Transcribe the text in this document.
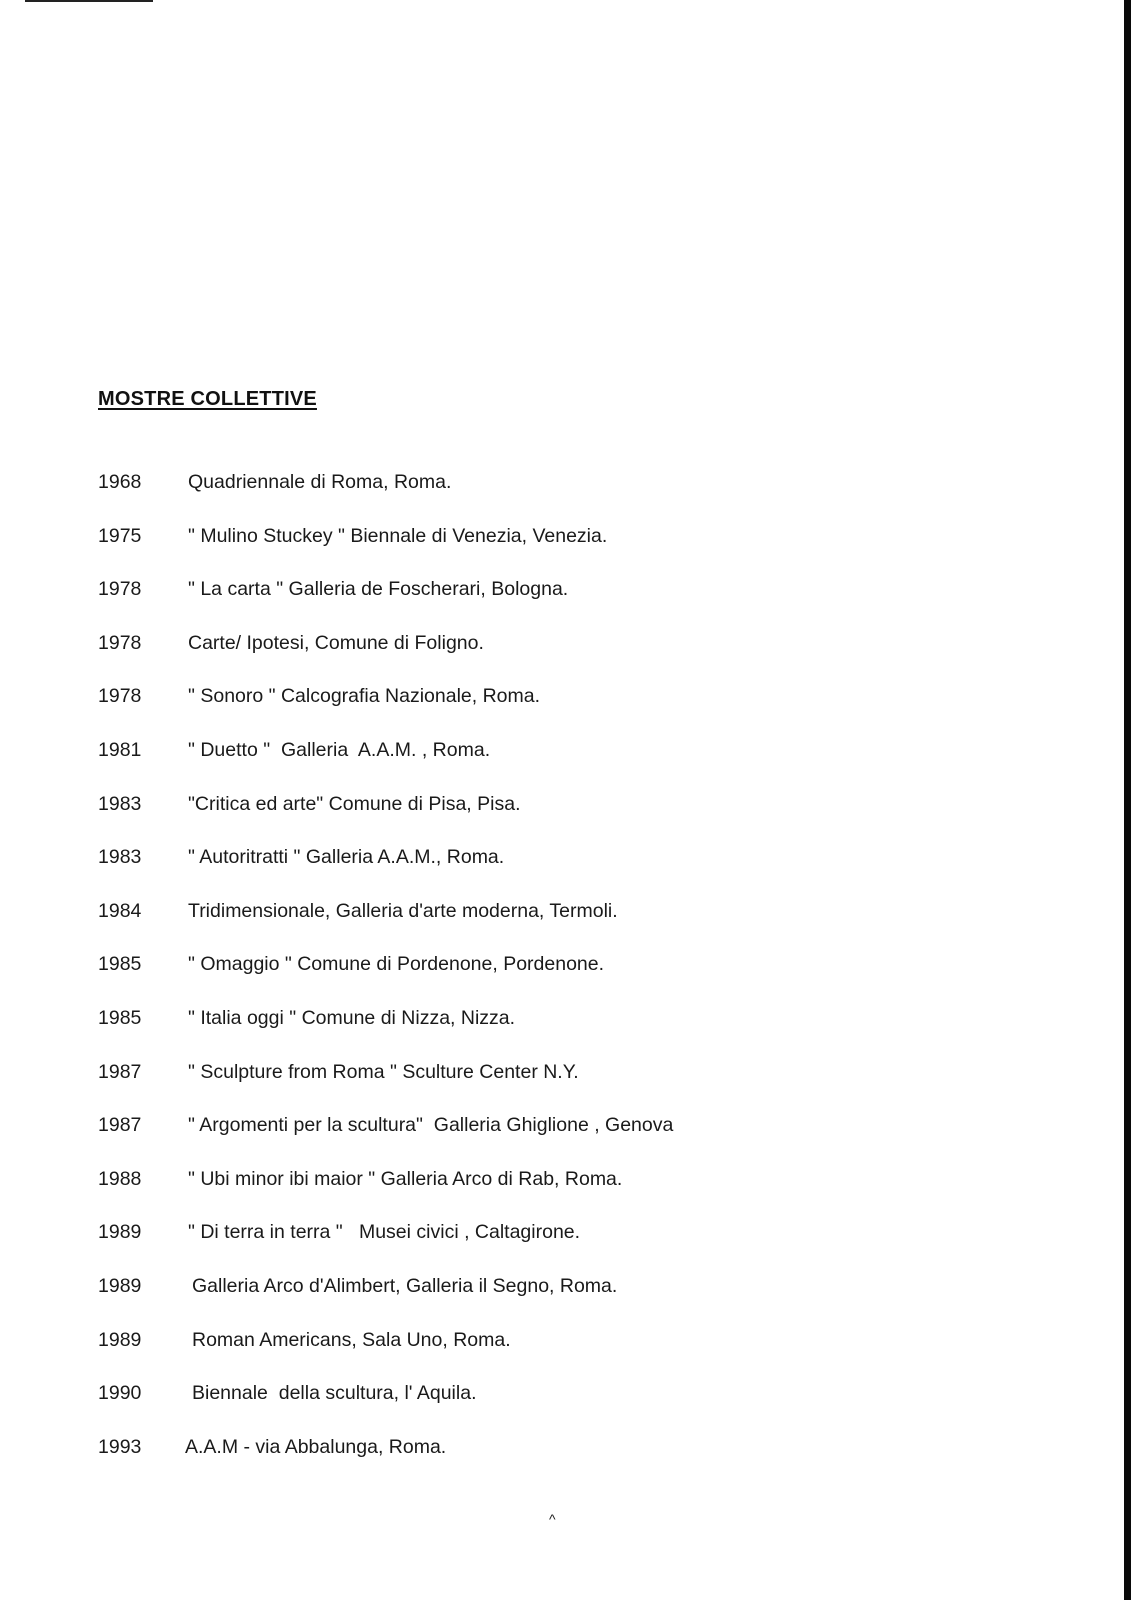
MOSTRE COLLETTIVE
1968 Quadriennale di Roma, Roma.
1975 " Mulino Stuckey " Biennale di Venezia, Venezia.
1978 " La carta " Galleria de Foscherari, Bologna.
1978 Carte/ Ipotesi, Comune di Foligno.
1978 " Sonoro " Calcografia Nazionale, Roma.
1981 " Duetto "  Galleria  A.A.M. , Roma.
1983 "Critica ed arte" Comune di Pisa, Pisa.
1983 " Autoritratti " Galleria A.A.M., Roma.
1984 Tridimensionale, Galleria d'arte moderna, Termoli.
1985 " Omaggio " Comune di Pordenone, Pordenone.
1985 " Italia oggi " Comune di Nizza, Nizza.
1987 " Sculpture from Roma " Sculture Center N.Y.
1987 " Argomenti per la scultura"  Galleria Ghiglione , Genova
1988 " Ubi minor ibi maior " Galleria Arco di Rab, Roma.
1989 " Di terra in terra "   Musei civici , Caltagirone.
1989	Galleria Arco d'Alimbert, Galleria il Segno, Roma.
1989	Roman Americans, Sala Uno, Roma.
1990	Biennale  della scultura, l' Aquila.
1993 A.A.M - via Abbalunga, Roma.
^
